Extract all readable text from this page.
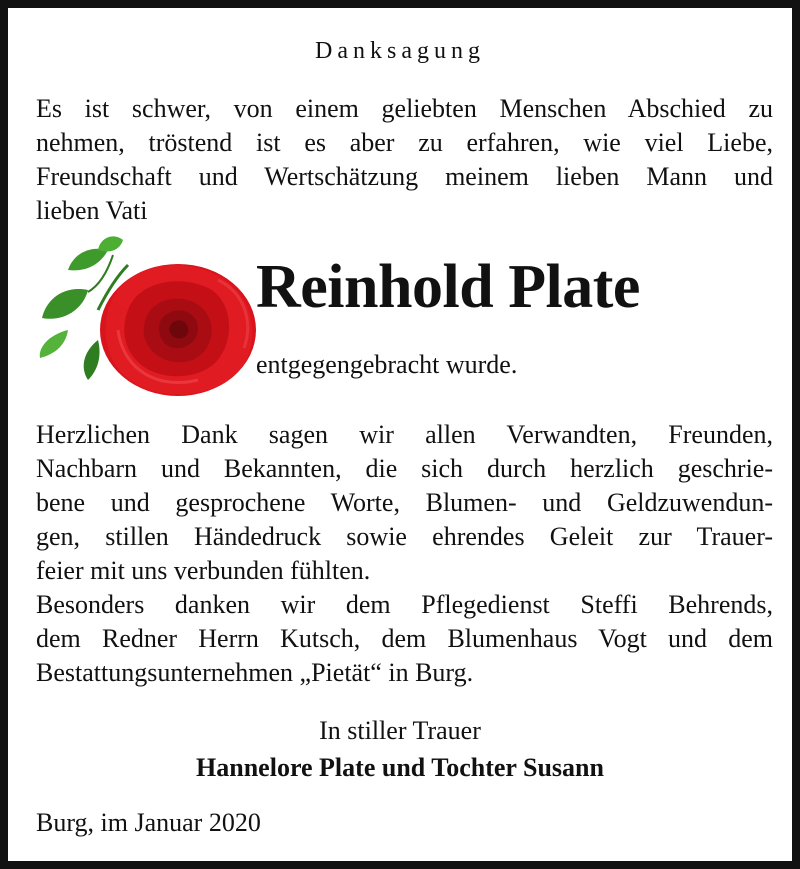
Danksagung
Es ist schwer, von einem geliebten Menschen Abschied zu
nehmen, tröstend ist es aber zu erfahren, wie viel Liebe,
Freundschaft und Wertschätzung meinem lieben Mann und
lieben Vati
Reinhold Plate
entgegengebracht wurde.
Herzlichen Dank sagen wir allen Verwandten, Freunden,
Nachbarn und Bekannten, die sich durch herzlich geschrie-
bene und gesprochene Worte, Blumen- und Geldzuwendun-
gen, stillen Händedruck sowie ehrendes Geleit zur Trauer-
feier mit uns verbunden fühlten.
Besonders danken wir dem Pflegedienst Steffi Behrends,
dem Redner Herrn Kutsch, dem Blumenhaus Vogt und dem
Bestattungsunternehmen „Pietät“ in Burg.
In stiller Trauer
Hannelore Plate und Tochter Susann
Burg, im Januar 2020
